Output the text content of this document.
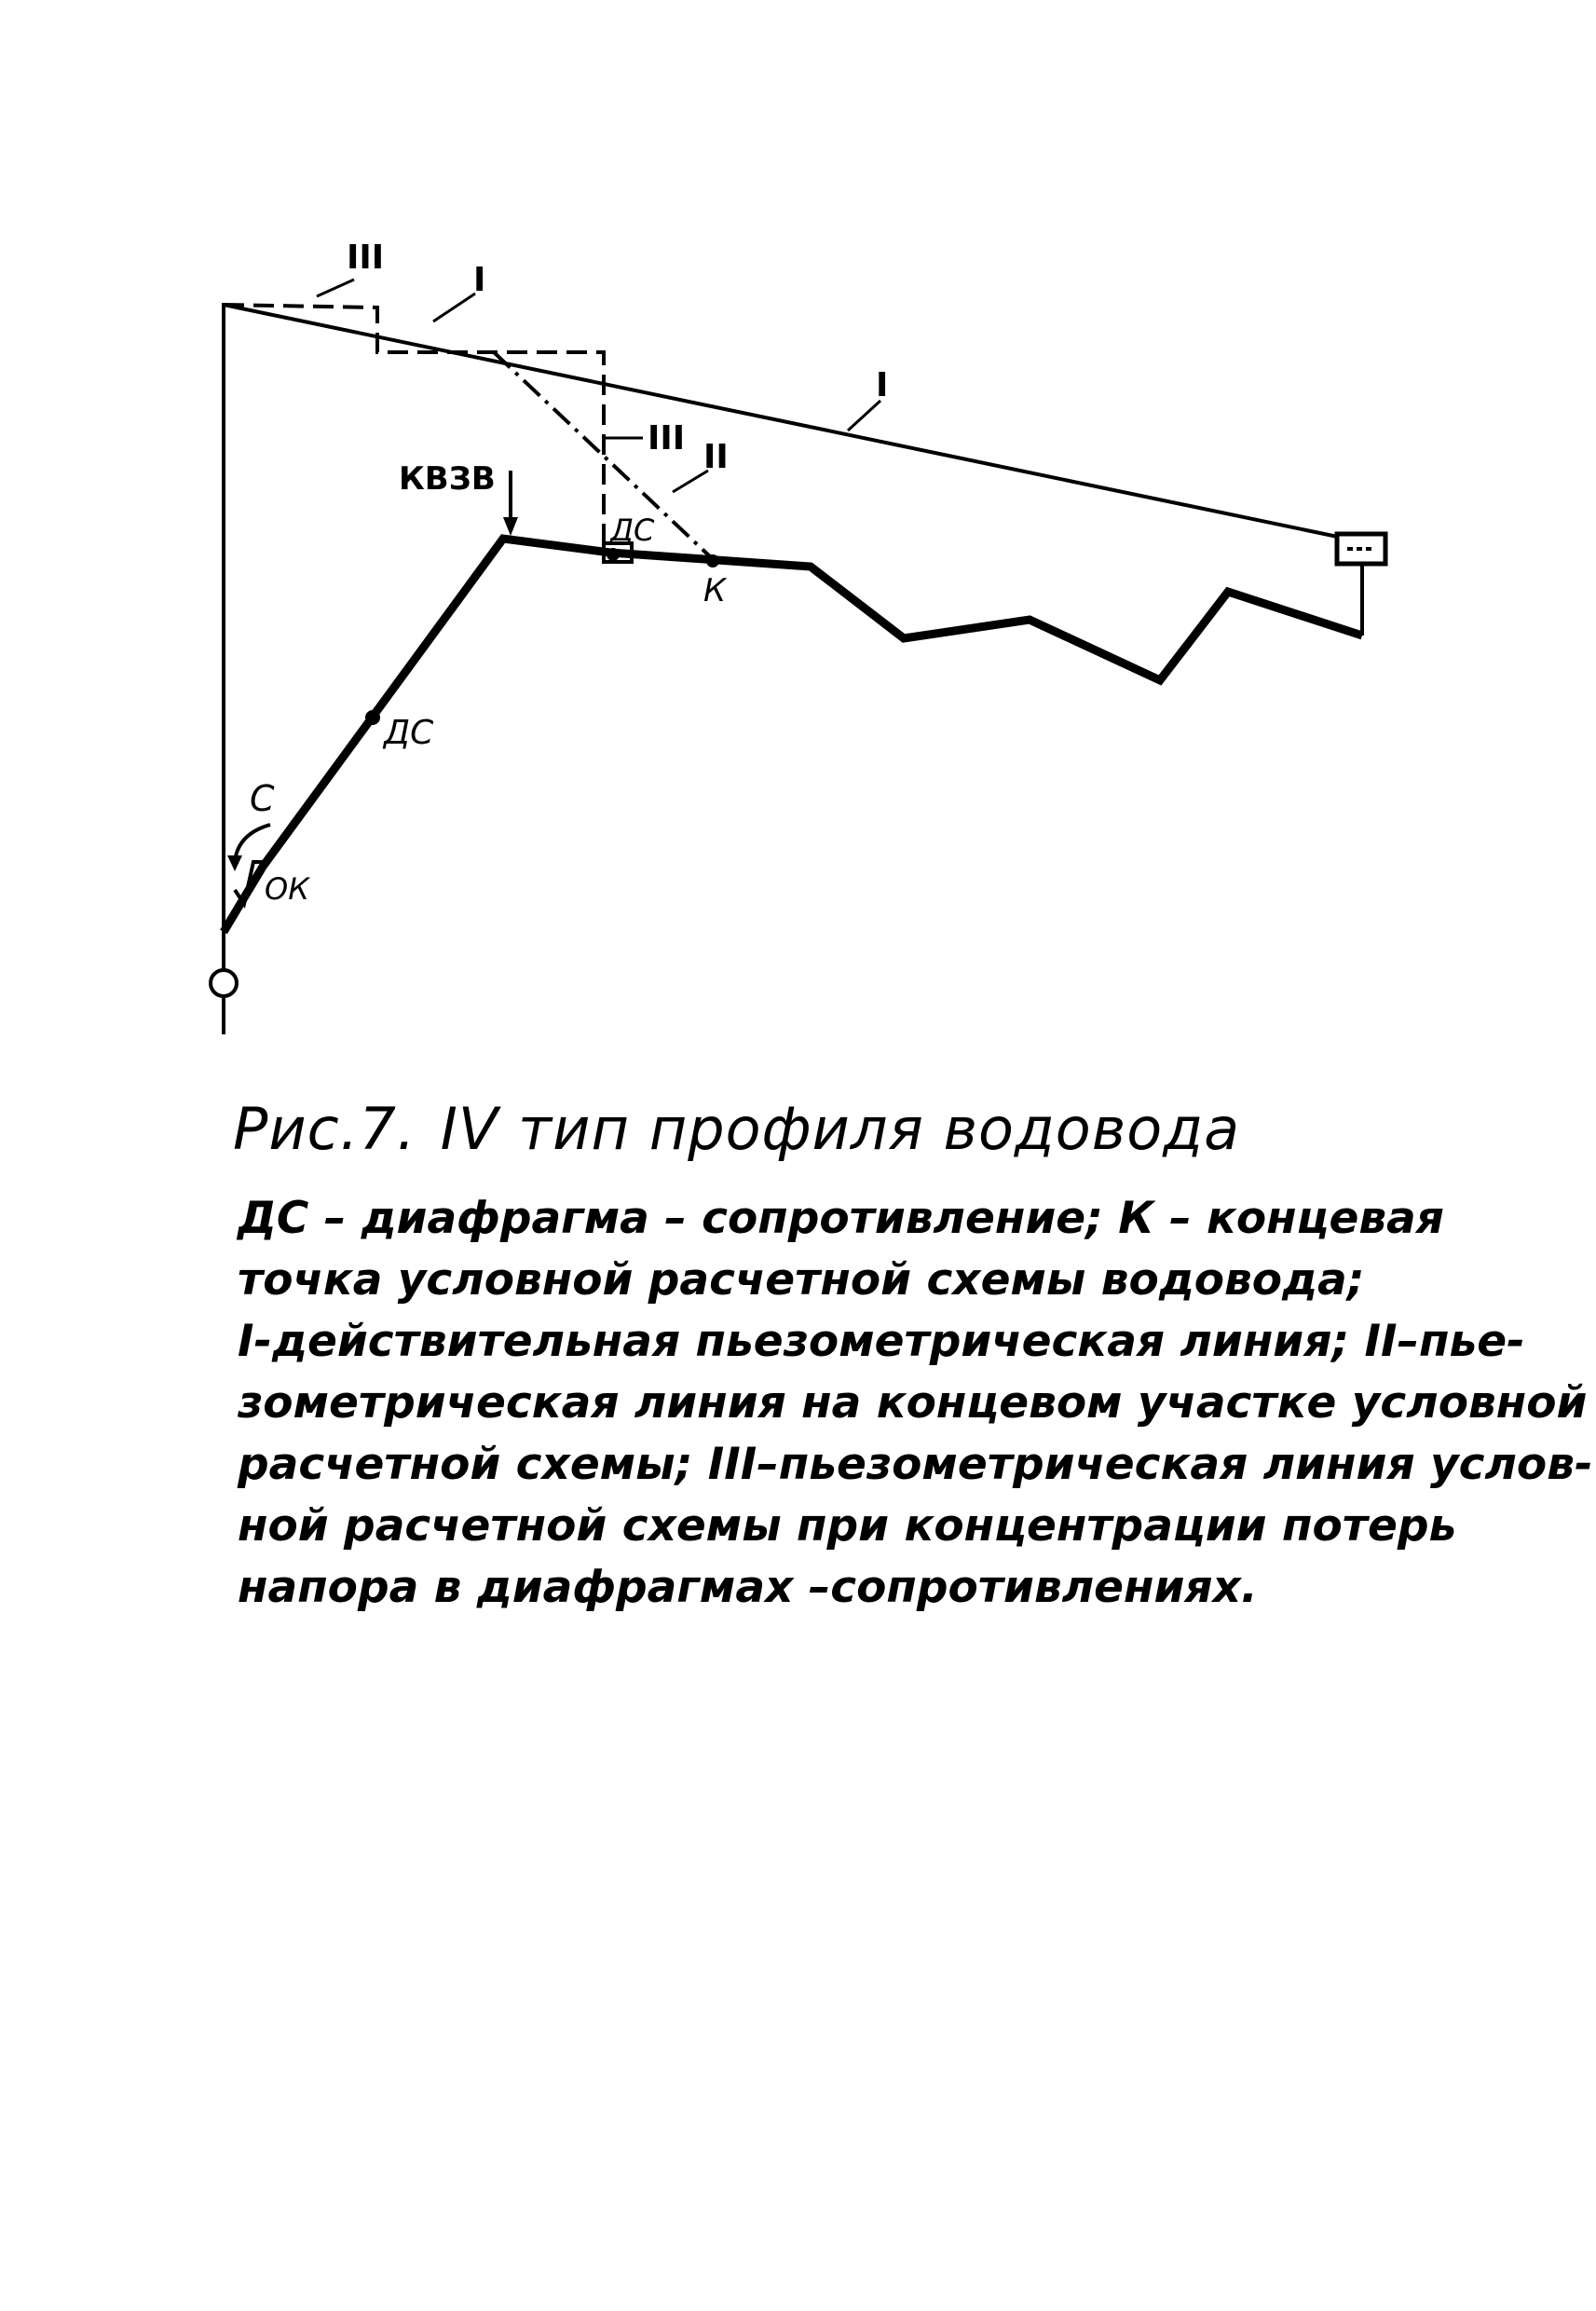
III
I
I
III II
КВЗВ
ДС
К
ДС
С
ОК
Рис.7. IV тип профиля водовода
ДС – диафрагма – сопротивление; К – концевая
точка условной расчетной схемы водовода;
I-действительная пьезометрическая линия; II–пье-
зометрическая линия на концевом участке условной
расчетной схемы; III–пьезометрическая линия услов-
ной расчетной схемы при концентрации потерь
напора в диафрагмах –сопротивлениях.
